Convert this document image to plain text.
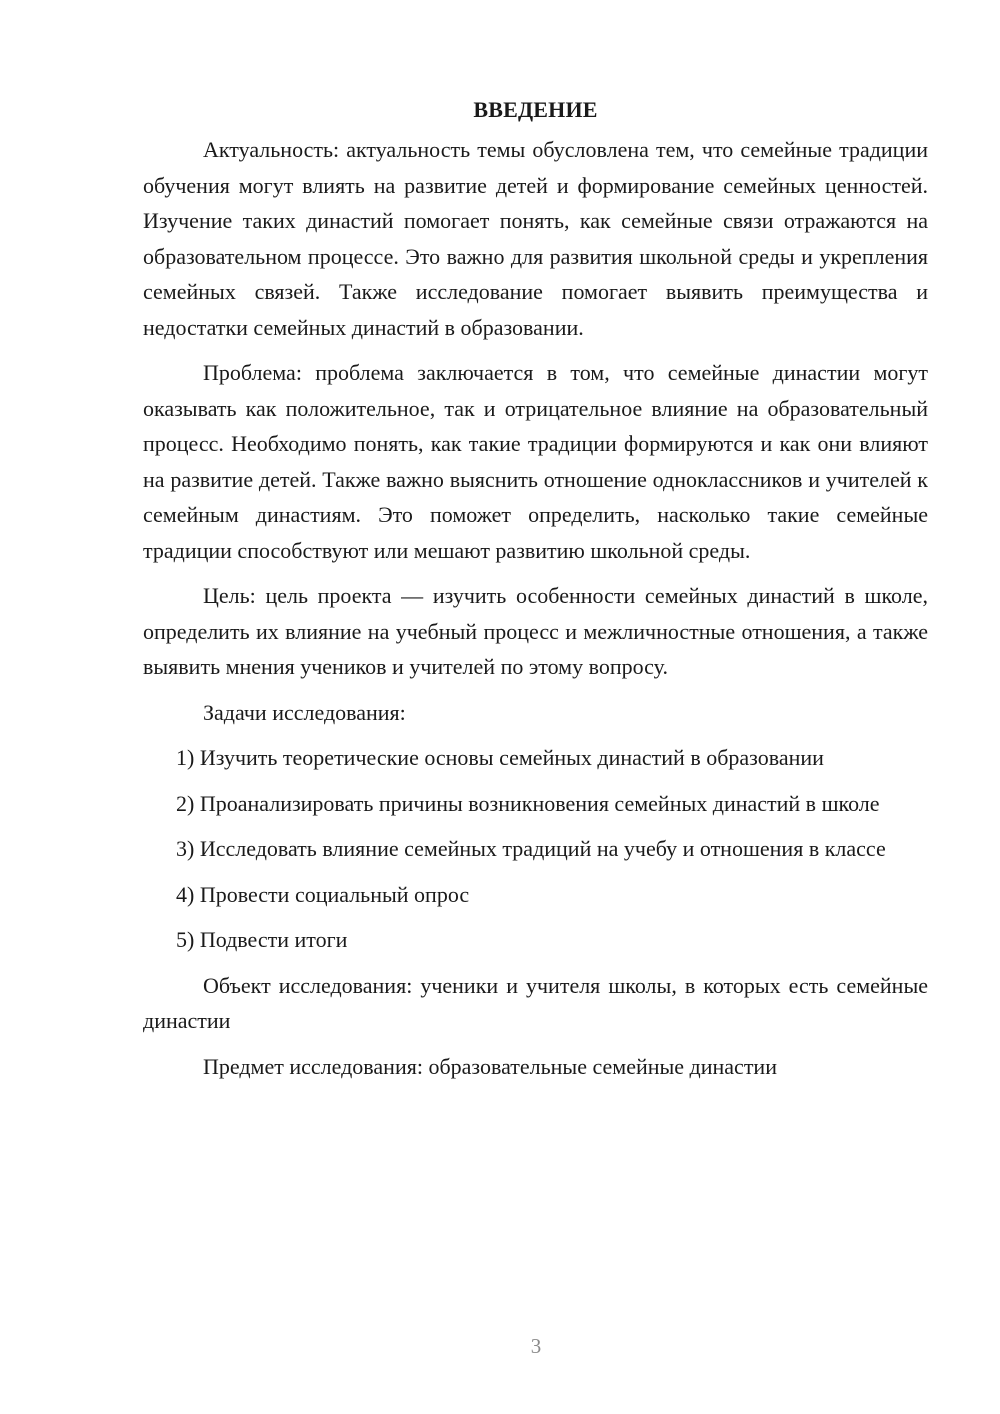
ВВЕДЕНИЕ

Актуальность: актуальность темы обусловлена тем, что семейные традиции обучения могут влиять на развитие детей и формирование семейных ценностей. Изучение таких династий помогает понять, как семейные связи отражаются на образовательном процессе. Это важно для развития школьной среды и укрепления семейных связей. Также исследование помогает выявить преимущества и недостатки семейных династий в образовании.

Проблема: проблема заключается в том, что семейные династии могут оказывать как положительное, так и отрицательное влияние на образовательный процесс. Необходимо понять, как такие традиции формируются и как они влияют на развитие детей. Также важно выяснить отношение одноклассников и учителей к семейным династиям. Это поможет определить, насколько такие семейные традиции способствуют или мешают развитию школьной среды.

Цель: цель проекта — изучить особенности семейных династий в школе, определить их влияние на учебный процесс и межличностные отношения, а также выявить мнения учеников и учителей по этому вопросу.

Задачи исследования:

1) Изучить теоретические основы семейных династий в образовании

2) Проанализировать причины возникновения семейных династий в школе

3) Исследовать влияние семейных традиций на учебу и отношения в классе

4) Провести социальный опрос

5) Подвести итоги

Объект исследования: ученики и учителя школы, в которых есть семейные династии

Предмет исследования: образовательные семейные династии

3
